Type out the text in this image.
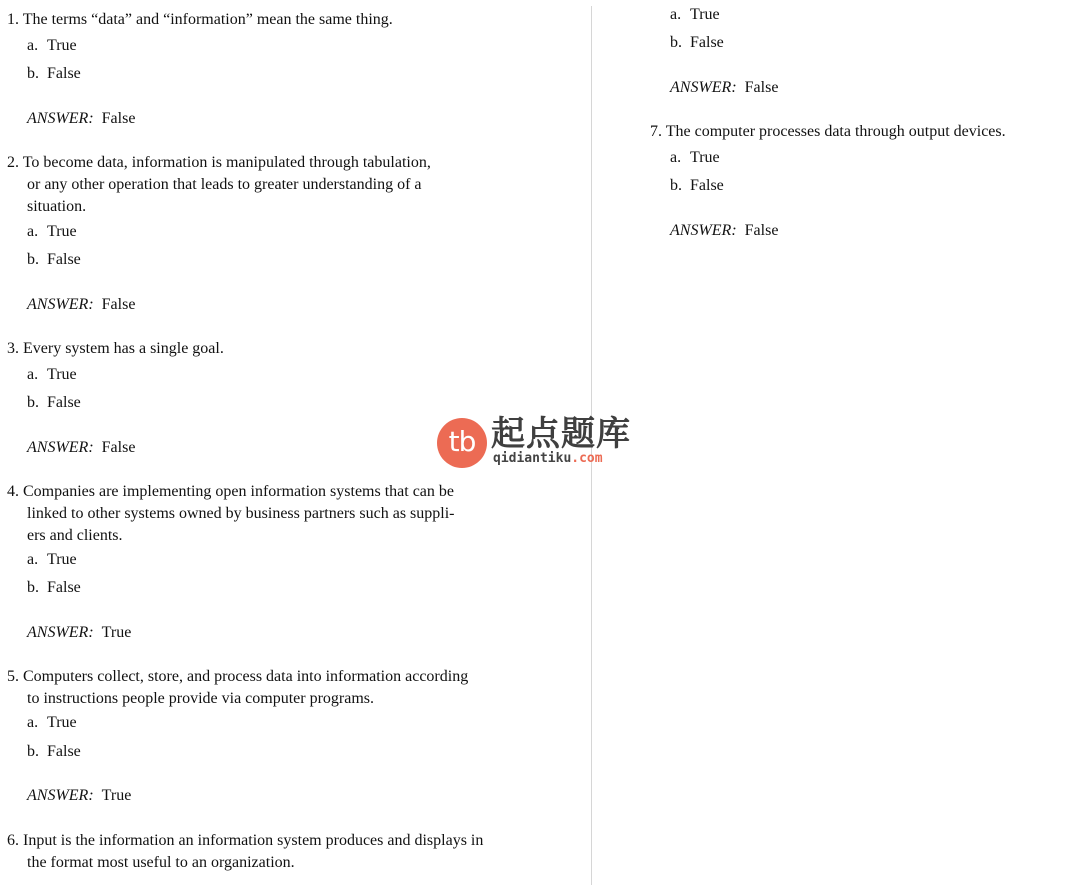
1. The terms “data” and “information” mean the same thing.
a. True
b. False
ANSWER: False
2. To become data, information is manipulated through tabulation,
or any other operation that leads to greater understanding of a
situation.
a. True
b. False
ANSWER: False
3. Every system has a single goal.
a. True
b. False
ANSWER: False
4. Companies are implementing open information systems that can be
linked to other systems owned by business partners such as suppli-
ers and clients.
a. True
b. False
ANSWER: True
5. Computers collect, store, and process data into information according
to instructions people provide via computer programs.
a. True
b. False
ANSWER: True
6. Input is the information an information system produces and displays in
the format most useful to an organization.
a. True
b. False
ANSWER: False
7. The computer processes data through output devices.
a. True
b. False
ANSWER: False
tb 起点题库
qidiantiku.com
